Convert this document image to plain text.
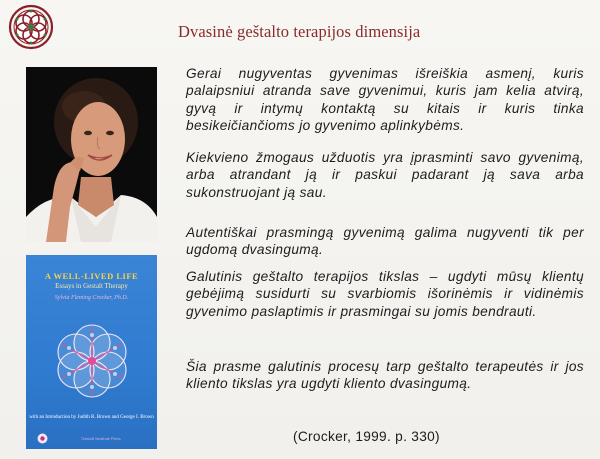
Dvasinė geštalto terapijos dimensija
A WELL-LIVED LIFE
Essays in Gestalt Therapy
Sylvia Fleming Crocker, Ph.D.
with an Introduction by Judith R. Brown and George I. Brown
Gestalt Institute Press
Gerai nugyventas gyvenimas išreiškia asmenį, kuris palaipsniui atranda save gyvenimui, kuris jam kelia atvirą, gyvą ir intymų kontaktą su kitais ir kuris tinka besikeičiančioms jo gyvenimo aplinkybėms.
Kiekvieno žmogaus užduotis yra įprasminti savo gyvenimą, arba atrandant ją ir paskui padarant ją sava arba sukonstruojant ją sau.
Autentiškai prasmingą gyvenimą galima nugyventi tik per ugdomą dvasingumą.
Galutinis geštalto terapijos tikslas – ugdyti mūsų klientų gebėjimą susidurti su svarbiomis išorinėmis ir vidinėmis gyvenimo paslaptimis ir prasmingai su jomis bendrauti.
Šia prasme galutinis procesų tarp geštalto terapeutės ir jos kliento tikslas yra ugdyti kliento dvasingumą.
(Crocker, 1999. p. 330)
